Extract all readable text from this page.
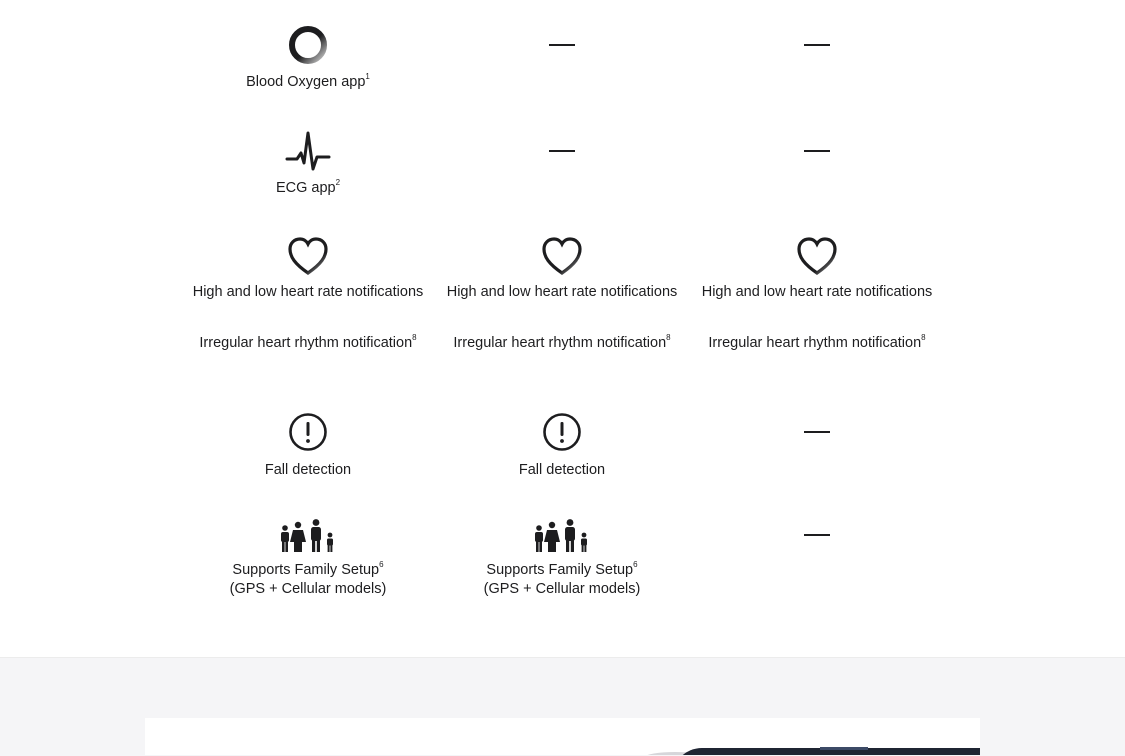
Blood Oxygen app$^1$
ECG app$^2$
High and low heart rate notifications
Irregular heart rhythm notification$^8$
Fall detection
Supports Family Setup$^6$
(GPS + Cellular models)
High and low heart rate notifications
Irregular heart rhythm notification$^8$
Fall detection
Supports Family Setup$^6$
(GPS + Cellular models)
High and low heart rate notifications
Irregular heart rhythm notification$^8$
